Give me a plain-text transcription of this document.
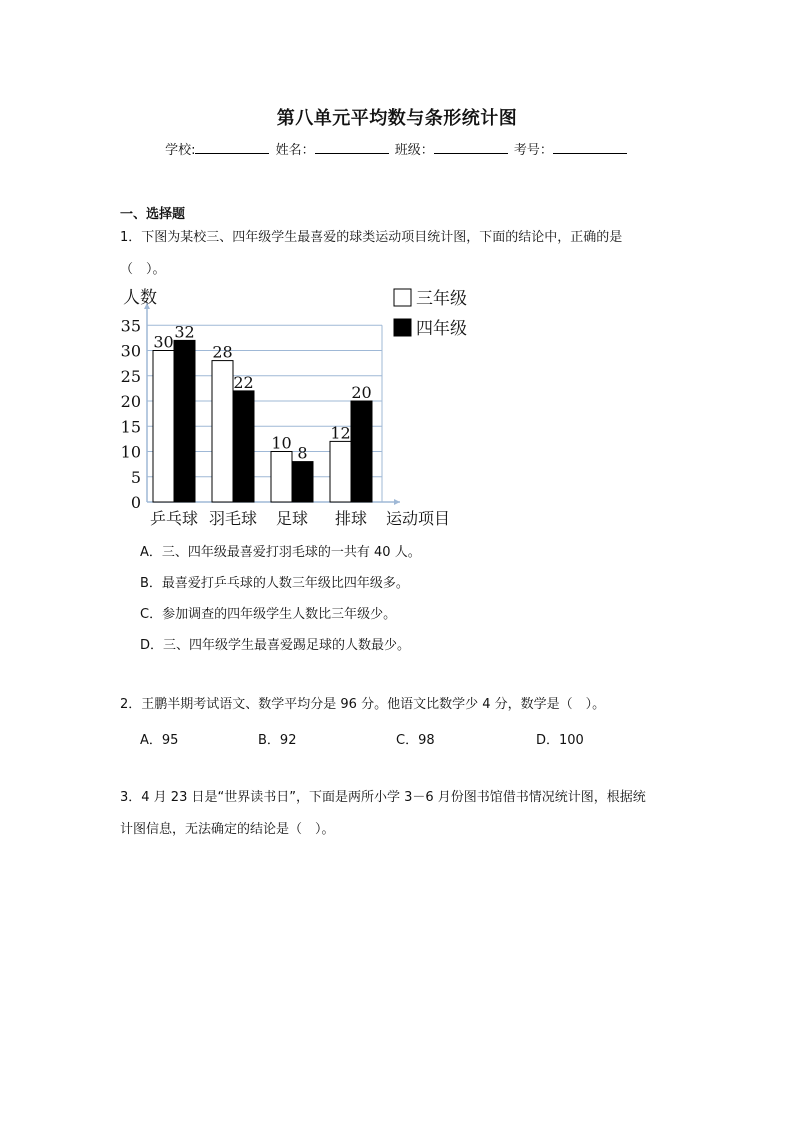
第八单元平均数与条形统计图
学校:	姓名：	班级：	考号：
一、选择题
1．下图为某校三、四年级学生最喜爱的球类运动项目统计图，下面的结论中，正确的是
（　）。
0
5
10
15
20
25
30
35
人数
30
32
乒乓球
28
22
羽毛球
10
8
足球
12
20
排球 运动项目
三年级
四年级
A．三、四年级最喜爱打羽毛球的一共有 40 人。
B．最喜爱打乒乓球的人数三年级比四年级多。
C．参加调查的四年级学生人数比三年级少。
D．三、四年级学生最喜爱踢足球的人数最少。
2．王鹏半期考试语文、数学平均分是 96 分。他语文比数学少 4 分，数学是（　）。
A．95	B．92	C．98	D．100
3．4 月 23 日是“世界读书日”，下面是两所小学 3－6 月份图书馆借书情况统计图，根据统
计图信息，无法确定的结论是（　）。
